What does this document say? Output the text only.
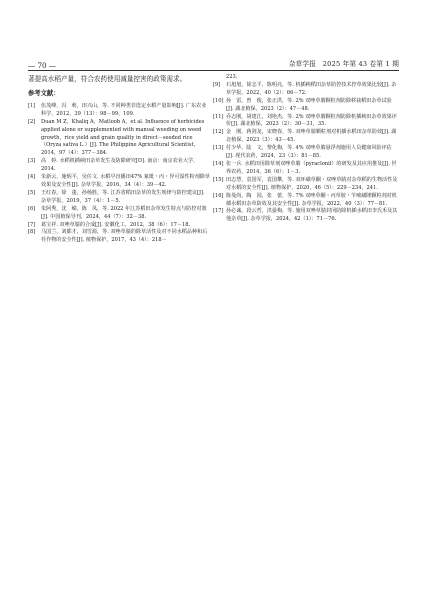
— 70 —	杂草学报　2025 年第 43 卷第 1 期
著提高水稻产量，符合农药使用减量控害的政策需求。
参考文献：
[1]	伍茂峰，冯　莉，田兴山，等. 不同种类非选定水稻产量影响[J]. 广东农业科学，2012，39（13）：98－99，109.
[2]	Duan M Z，Khaliq A，Matloob A，et al. Influence of herbicides applied alone or supplemented with manual weeding on weed growth，rice yield and grain quality in direct－seeded rice（Oryza sativa L.）[J]. The Philippine Agricultural Scientist，2014，97（4）：377－384.
[3]	高　婷. 水稻机插秧田杂草发生及防除研究[D]. 南京：南京农业大学，2014.
[4]	朱新云，施炳平，吴任文. 水稻早直播田47% 氰吡・丙・异可湿性粉剂除草效果及安全性[J]. 杂草学报，2016，34（4）：39－42.
[5]	王红春，徐　蓬，孙杨胜，等. 江苏省稻田杂草的发生规律与防控建议[J]. 杂草学报，2019，37（4）：1－5.
[6]	朱阿秀，沈　嵘，陈　凤，等. 2022 年江苏稻田杂草发生特点与防控对策[J]. 中国植保导刊，2024，44（7）：32－38.
[7]	葛宝祥. 双唑草腈的合成[J]. 安徽化工，2012，38（6）：17－18.
[8]	马国兰，刘都才，刘雪源，等. 双唑草腈的除草活性及对不同水稻品种和后茬作物的安全性[J]. 植物保护，2017，43（4）：218－
223.
[9]	石旭旭，徐志平，陈明亮，等. 机插秧稻田杂草防控技术控草效果比较[J]. 杂草学报，2022，40（2）：66－72.
[10] 孙　雷，曾　俊，张正洪，等. 2% 双唑草腈颗粒剂防除移栽稻田杂草试验[J]. 湖北植保，2023（2）：47－48.
[11] 乔志刚，胡建江，刘艳杰，等. 2% 双唑草腈颗粒剂防除机插秧田杂草效果评价[J]. 湖北植保，2023（2）：30－31，35.
[12] 金　刚，蒋剑龙，宋晓春，等. 双唑草腈颗粒剂对机插水稻田杂草防效[J]. 湖北植保，2023（3）：43－45.
[13] 付少华，陆　文，黎化梅，等. 4% 双唑草腈悬浮剂施用人员健康风险评估[J]. 现代农药，2024，23（3）：81－85.
[14] 张一兵. 水稻田用除草剂双唑草腈（pyraclonil）的研发及其应用推及[J]. 世界农药，2014，36（6）：1－3.
[15] 田志慧，袁国军，袁国攀，等. 双环磺草酮・双唑草腈对杂草稻的生物活性及对水稻的安全性[J]. 植物保护，2020，46（5）：229－234，241.
[16] 陈曼尚，陶　园，张　蕾，等. 7% 双唑草酮・丙草胺・苄嘧磺隆颗粒剂对机插水稻田杂草防效及其安全性[J]. 杂草学报，2022，40（3）：77－81.
[17] 孙必诚，段云哲，洪晏梅，等. 施用双唑草腈封闭防除机插水稻田李氏禾及其他杂草[J]. 杂草学报，2024，42（1）：71－76.
